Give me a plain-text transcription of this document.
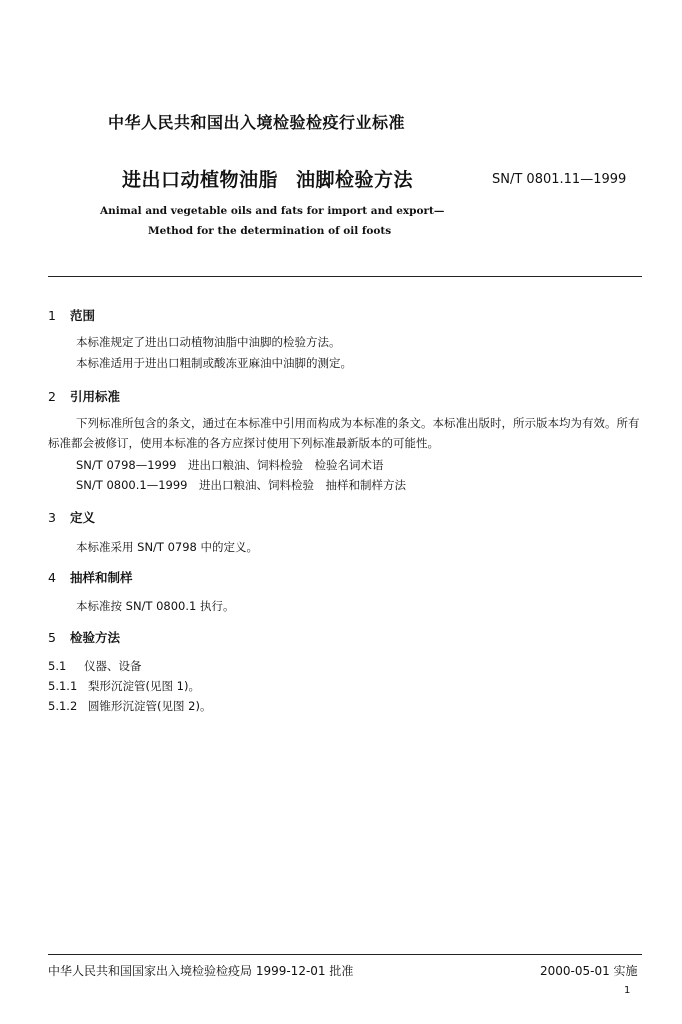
中华人民共和国出入境检验检疫行业标准
进出口动植物油脂 油脚检验方法	SN/T 0801.11—1999
Animal and vegetable oils and fats for import and export—
Method for the determination of oil foots
1 范围
本标准规定了进出口动植物油脂中油脚的检验方法。
本标准适用于进出口粗制或酸冻亚麻油中油脚的测定。
2 引用标准
下列标准所包含的条文，通过在本标准中引用而构成为本标准的条文。本标准出版时，所示版本均为有效。所有标准都会被修订，使用本标准的各方应探讨使用下列标准最新版本的可能性。
SN/T 0798—1999　进出口粮油、饲料检验　检验名词术语
SN/T 0800.1—1999　进出口粮油、饲料检验　抽样和制样方法
3 定义
本标准采用 SN/T 0798 中的定义。
4 抽样和制样
本标准按 SN/T 0800.1 执行。
5 检验方法
5.1 仪器、设备
5.1.1 梨形沉淀管(见图 1)。
5.1.2 圆锥形沉淀管(见图 2)。
中华人民共和国国家出入境检验检疫局 1999-12-01 批准	2000-05-01 实施
1
